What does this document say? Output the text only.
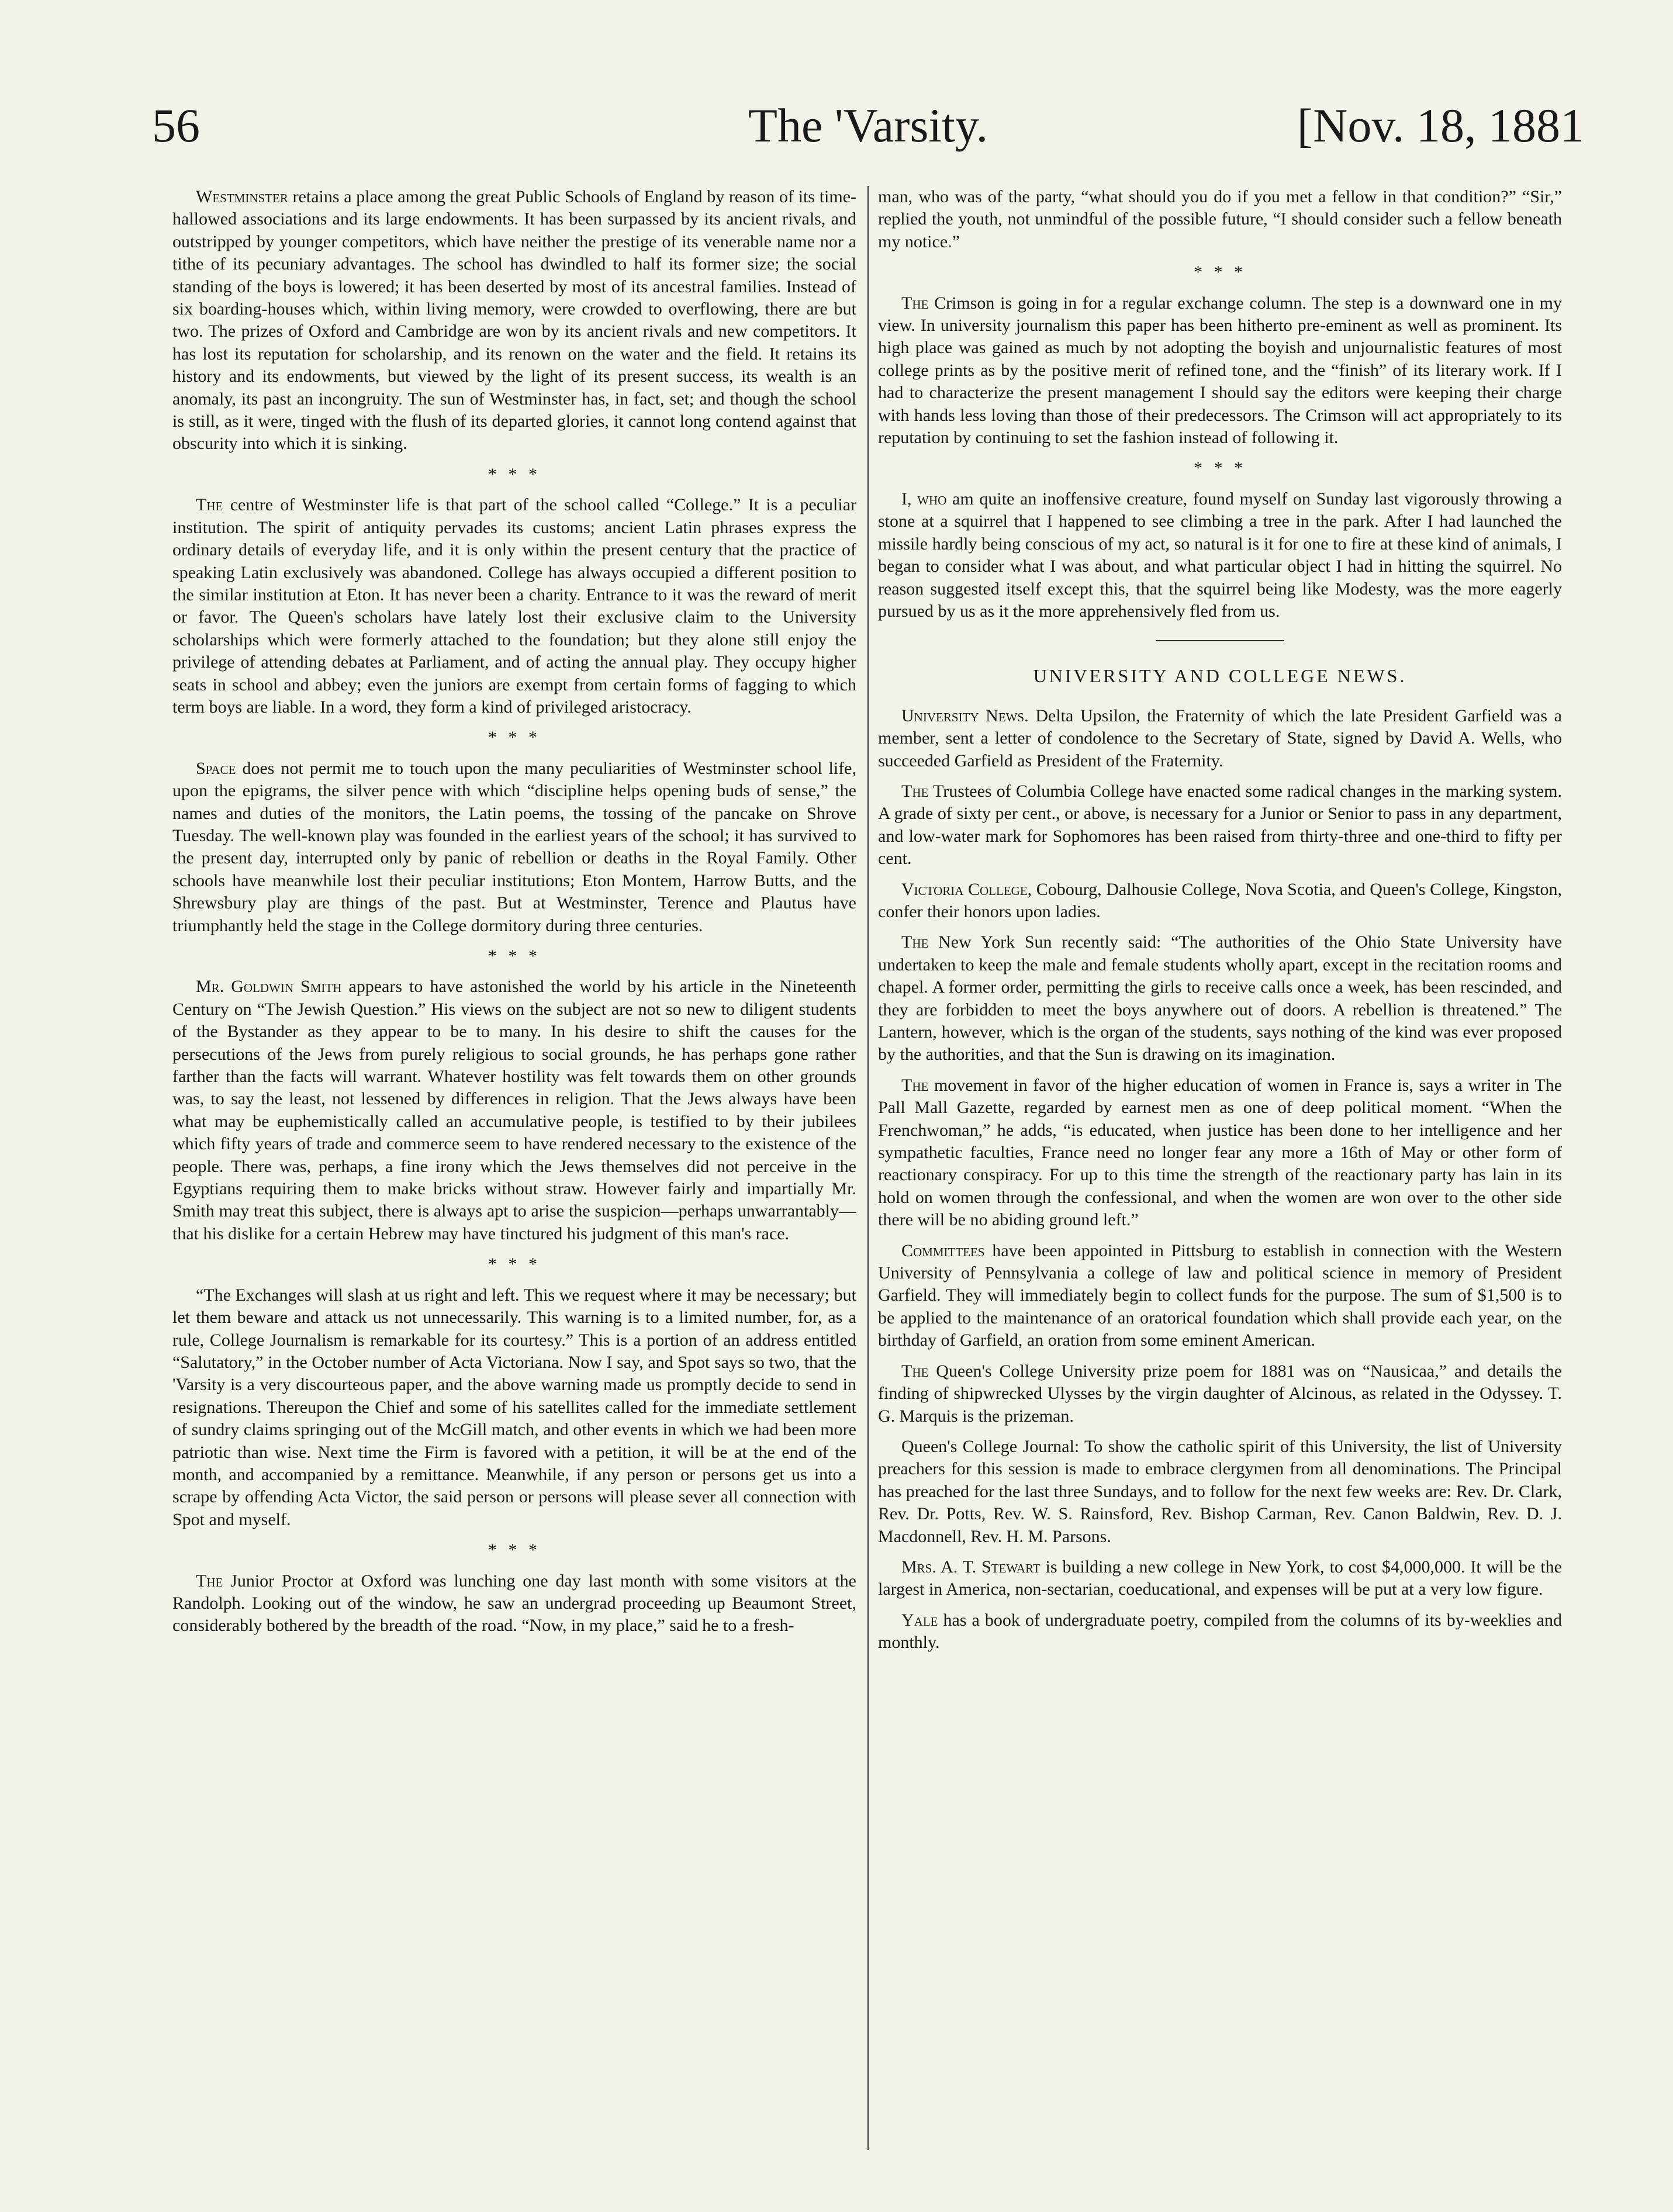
56	The 'Varsity.	[Nov. 18, 1881

Westminster retains a place among the great Public Schools of England by reason of its time-hallowed associations and its large endowments. It has been surpassed by its ancient rivals, and outstripped by younger competitors, which have neither the prestige of its venerable name nor a tithe of its pecuniary advantages. The school has dwindled to half its former size; the social standing of the boys is lowered; it has been deserted by most of its ancestral families. Instead of six boarding-houses which, within living memory, were crowded to overflowing, there are but two. The prizes of Oxford and Cambridge are won by its ancient rivals and new competitors. It has lost its reputation for scholarship, and its renown on the water and the field. It retains its history and its endowments, but viewed by the light of its present success, its wealth is an anomaly, its past an incongruity. The sun of Westminster has, in fact, set; and though the school is still, as it were, tinged with the flush of its departed glories, it cannot long contend against that obscurity into which it is sinking.

* * *

The centre of Westminster life is that part of the school called “College.” It is a peculiar institution. The spirit of antiquity pervades its customs; ancient Latin phrases express the ordinary details of everyday life, and it is only within the present century that the practice of speaking Latin exclusively was abandoned. College has always occupied a different position to the similar institution at Eton. It has never been a charity. Entrance to it was the reward of merit or favor. The Queen's scholars have lately lost their exclusive claim to the University scholarships which were formerly attached to the foundation; but they alone still enjoy the privilege of attending debates at Parliament, and of acting the annual play. They occupy higher seats in school and abbey; even the juniors are exempt from certain forms of fagging to which term boys are liable. In a word, they form a kind of privileged aristocracy.

* * *

Space does not permit me to touch upon the many peculiarities of Westminster school life, upon the epigrams, the silver pence with which “discipline helps opening buds of sense,” the names and duties of the monitors, the Latin poems, the tossing of the pancake on Shrove Tuesday. The well-known play was founded in the earliest years of the school; it has survived to the present day, interrupted only by panic of rebellion or deaths in the Royal Family. Other schools have meanwhile lost their peculiar institutions; Eton Montem, Harrow Butts, and the Shrewsbury play are things of the past. But at Westminster, Terence and Plautus have triumphantly held the stage in the College dormitory during three centuries.

* * *

Mr. Goldwin Smith appears to have astonished the world by his article in the Nineteenth Century on “The Jewish Question.” His views on the subject are not so new to diligent students of the Bystander as they appear to be to many. In his desire to shift the causes for the persecutions of the Jews from purely religious to social grounds, he has perhaps gone rather farther than the facts will warrant. Whatever hostility was felt towards them on other grounds was, to say the least, not lessened by differences in religion. That the Jews always have been what may be euphemistically called an accumulative people, is testified to by their jubilees which fifty years of trade and commerce seem to have rendered necessary to the existence of the people. There was, perhaps, a fine irony which the Jews themselves did not perceive in the Egyptians requiring them to make bricks without straw. However fairly and impartially Mr. Smith may treat this subject, there is always apt to arise the suspicion—perhaps unwarrantably—that his dislike for a certain Hebrew may have tinctured his judgment of this man's race.

* * *

“The Exchanges will slash at us right and left. This we request where it may be necessary; but let them beware and attack us not unnecessarily. This warning is to a limited number, for, as a rule, College Journalism is remarkable for its courtesy.” This is a portion of an address entitled “Salutatory,” in the October number of Acta Victoriana. Now I say, and Spot says so two, that the 'Varsity is a very discourteous paper, and the above warning made us promptly decide to send in resignations. Thereupon the Chief and some of his satellites called for the immediate settlement of sundry claims springing out of the McGill match, and other events in which we had been more patriotic than wise. Next time the Firm is favored with a petition, it will be at the end of the month, and accompanied by a remittance. Meanwhile, if any person or persons get us into a scrape by offending Acta Victor, the said person or persons will please sever all connection with Spot and myself.

* * *

The Junior Proctor at Oxford was lunching one day last month with some visitors at the Randolph. Looking out of the window, he saw an undergrad proceeding up Beaumont Street, considerably bothered by the breadth of the road. “Now, in my place,” said he to a fresh-

man, who was of the party, “what should you do if you met a fellow in that condition?” “Sir,” replied the youth, not unmindful of the possible future, “I should consider such a fellow beneath my notice.”

* * *

The Crimson is going in for a regular exchange column. The step is a downward one in my view. In university journalism this paper has been hitherto pre-eminent as well as prominent. Its high place was gained as much by not adopting the boyish and unjournalistic features of most college prints as by the positive merit of refined tone, and the “finish” of its literary work. If I had to characterize the present management I should say the editors were keeping their charge with hands less loving than those of their predecessors. The Crimson will act appropriately to its reputation by continuing to set the fashion instead of following it.

* * *

I, who am quite an inoffensive creature, found myself on Sunday last vigorously throwing a stone at a squirrel that I happened to see climbing a tree in the park. After I had launched the missile hardly being conscious of my act, so natural is it for one to fire at these kind of animals, I began to consider what I was about, and what particular object I had in hitting the squirrel. No reason suggested itself except this, that the squirrel being like Modesty, was the more eagerly pursued by us as it the more apprehensively fled from us.

UNIVERSITY AND COLLEGE NEWS.

University News. Delta Upsilon, the Fraternity of which the late President Garfield was a member, sent a letter of condolence to the Secretary of State, signed by David A. Wells, who succeeded Garfield as President of the Fraternity.

The Trustees of Columbia College have enacted some radical changes in the marking system. A grade of sixty per cent., or above, is necessary for a Junior or Senior to pass in any department, and low-water mark for Sophomores has been raised from thirty-three and one-third to fifty per cent.

Victoria College, Cobourg, Dalhousie College, Nova Scotia, and Queen's College, Kingston, confer their honors upon ladies.

The New York Sun recently said: “The authorities of the Ohio State University have undertaken to keep the male and female students wholly apart, except in the recitation rooms and chapel. A former order, permitting the girls to receive calls once a week, has been rescinded, and they are forbidden to meet the boys anywhere out of doors. A rebellion is threatened.” The Lantern, however, which is the organ of the students, says nothing of the kind was ever proposed by the authorities, and that the Sun is drawing on its imagination.

The movement in favor of the higher education of women in France is, says a writer in The Pall Mall Gazette, regarded by earnest men as one of deep political moment. “When the Frenchwoman,” he adds, “is educated, when justice has been done to her intelligence and her sympathetic faculties, France need no longer fear any more a 16th of May or other form of reactionary conspiracy. For up to this time the strength of the reactionary party has lain in its hold on women through the confessional, and when the women are won over to the other side there will be no abiding ground left.”

Committees have been appointed in Pittsburg to establish in connection with the Western University of Pennsylvania a college of law and political science in memory of President Garfield. They will immediately begin to collect funds for the purpose. The sum of $1,500 is to be applied to the maintenance of an oratorical foundation which shall provide each year, on the birthday of Garfield, an oration from some eminent American.

The Queen's College University prize poem for 1881 was on “Nausicaa,” and details the finding of shipwrecked Ulysses by the virgin daughter of Alcinous, as related in the Odyssey. T. G. Marquis is the prizeman.

Queen's College Journal: To show the catholic spirit of this University, the list of University preachers for this session is made to embrace clergymen from all denominations. The Principal has preached for the last three Sundays, and to follow for the next few weeks are: Rev. Dr. Clark, Rev. Dr. Potts, Rev. W. S. Rainsford, Rev. Bishop Carman, Rev. Canon Baldwin, Rev. D. J. Macdonnell, Rev. H. M. Parsons.

Mrs. A. T. Stewart is building a new college in New York, to cost $4,000,000. It will be the largest in America, non-sectarian, coeducational, and expenses will be put at a very low figure.

Yale has a book of undergraduate poetry, compiled from the columns of its by-weeklies and monthly.
